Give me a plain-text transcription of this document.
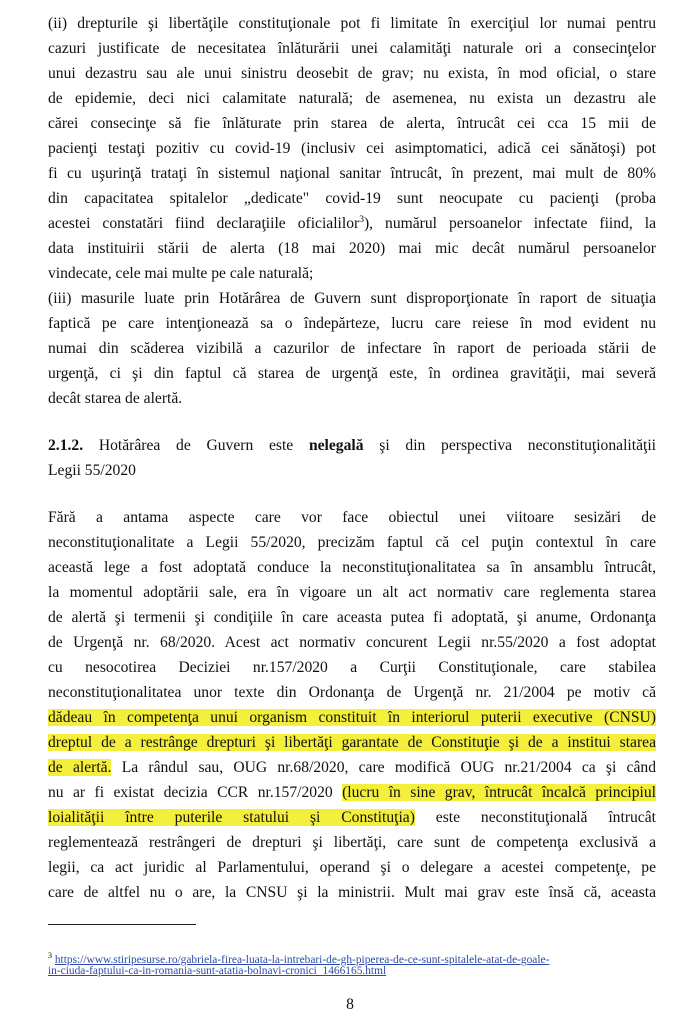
(ii) drepturile şi libertăţile constituţionale pot fi limitate în exerciţiul lor numai pentru
cazuri justificate de necesitatea înlăturării unei calamităţi naturale ori a consecinţelor
unui dezastru sau ale unui sinistru deosebit de grav; nu exista, în mod oficial, o stare
de epidemie, deci nici calamitate naturală; de asemenea, nu exista un dezastru ale
cărei consecinţe să fie înlăturate prin starea de alerta, întrucât cei cca 15 mii de
pacienţi testaţi pozitiv cu covid-19 (inclusiv cei asimptomatici, adică cei sănătoşi) pot
fi cu uşurinţă trataţi în sistemul naţional sanitar întrucât, în prezent, mai mult de 80%
din capacitatea spitalelor „dedicate" covid-19 sunt neocupate cu pacienţi (proba
acestei constatări fiind declaraţiile oficialilor$^3$), numărul persoanelor infectate fiind, la
data instituirii stării de alerta (18 mai 2020) mai mic decât numărul persoanelor
vindecate, cele mai multe pe cale naturală;
(iii) masurile luate prin Hotărârea de Guvern sunt disproporţionate în raport de situaţia
faptică pe care intenţionează sa o îndepărteze, lucru care reiese în mod evident nu
numai din scăderea vizibilă a cazurilor de infectare în raport de perioada stării de
urgenţă, ci şi din faptul că starea de urgenţă este, în ordinea gravităţii, mai severă
decât starea de alertă.
2.1.2. Hotărârea de Guvern este nelegală şi din perspectiva neconstituţionalităţii
Legii 55/2020
Fără a antama aspecte care vor face obiectul unei viitoare sesizări de
neconstituţionalitate a Legii 55/2020, precizăm faptul că cel puţin contextul în care
această lege a fost adoptată conduce la neconstituţionalitatea sa în ansamblu întrucât,
la momentul adoptării sale, era în vigoare un alt act normativ care reglementa starea
de alertă şi termenii şi condiţiile în care aceasta putea fi adoptată, şi anume, Ordonanţa
de Urgenţă nr. 68/2020. Acest act normativ concurent Legii nr.55/2020 a fost adoptat
cu nesocotirea Deciziei nr.157/2020 a Curţii Constituţionale, care stabilea
neconstituţionalitatea unor texte din Ordonanţa de Urgenţă nr. 21/2004 pe motiv că
dădeau în competenţa unui organism constituit în interiorul puterii executive (CNSU)
dreptul de a restrânge drepturi şi libertăţi garantate de Constituţie şi de a institui starea
de alertă. La rândul sau, OUG nr.68/2020, care modifică OUG nr.21/2004 ca şi când
nu ar fi existat decizia CCR nr.157/2020 (lucru în sine grav, întrucât încalcă principiul
loialităţii între puterile statului şi Constituţia) este neconstituţională întrucât
reglementează restrângeri de drepturi şi libertăţi, care sunt de competenţa exclusivă a
legii, ca act juridic al Parlamentului, operand şi o delegare a acestei competenţe, pe
care de altfel nu o are, la CNSU şi la ministrii. Mult mai grav este însă că, aceasta
$^3$ https://www.stiripesurse.ro/gabriela-firea-luata-la-intrebari-de-gh-piperea-de-ce-sunt-spitalele-atat-de-goale-
in-ciuda-faptului-ca-in-romania-sunt-atatia-bolnavi-cronici_1466165.html
8
